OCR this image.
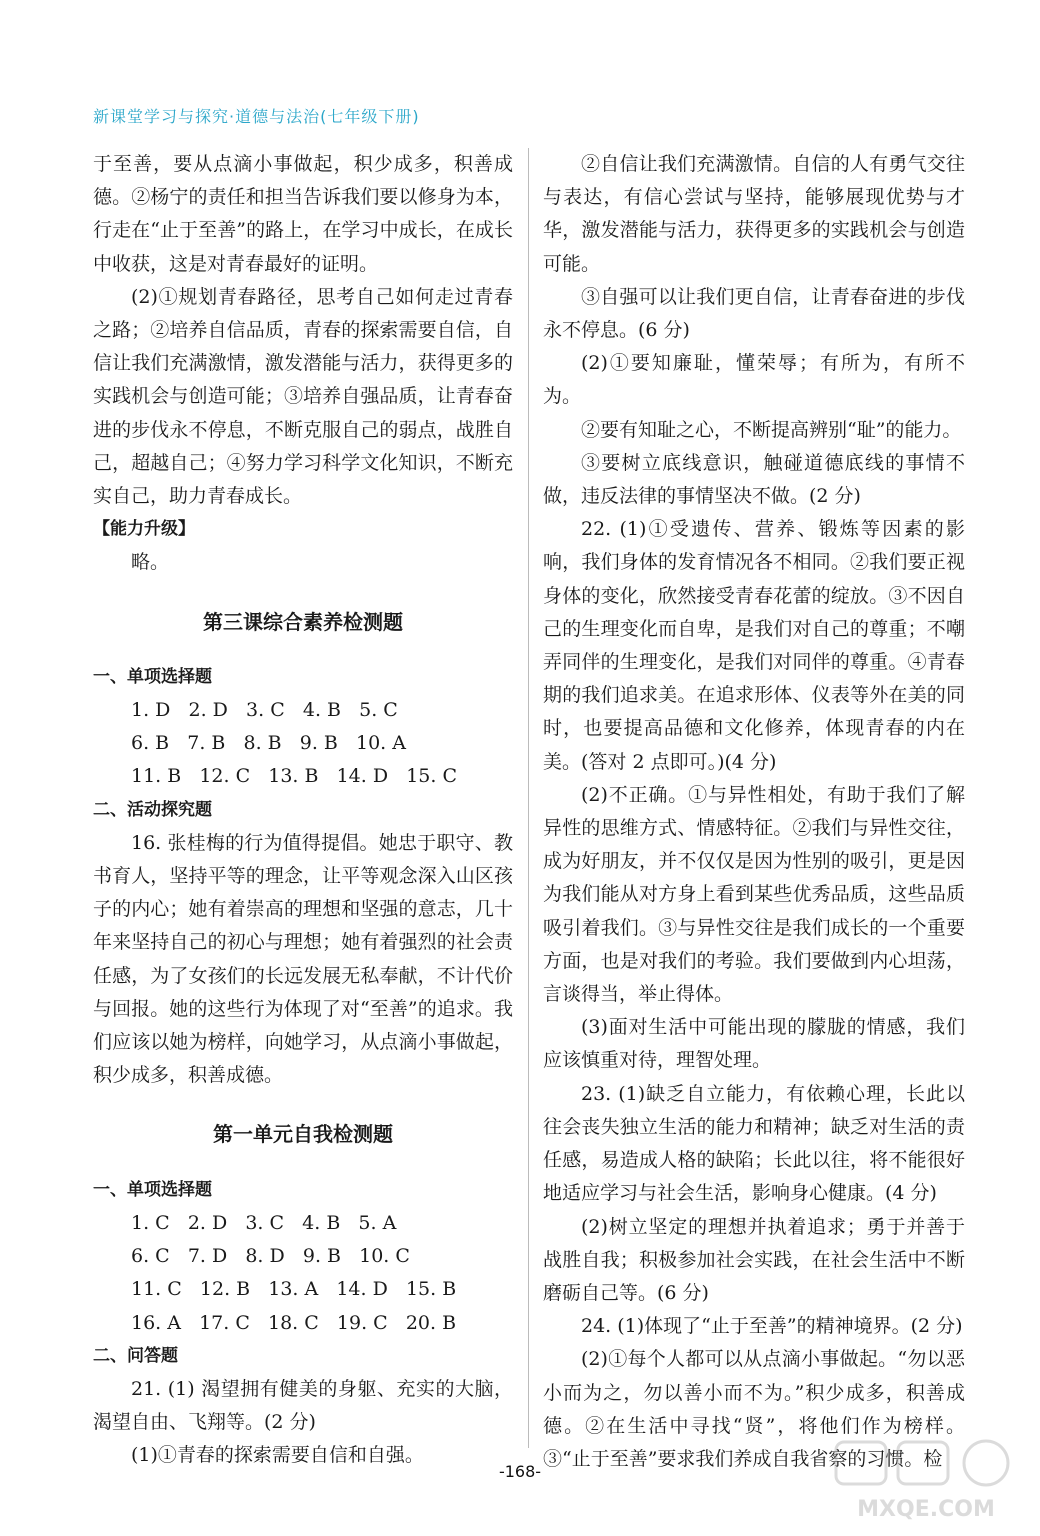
新课堂学习与探究·道德与法治(七年级下册)

于至善，要从点滴小事做起，积少成多，积善成德。②杨宁的责任和担当告诉我们要以修身为本，行走在“止于至善”的路上，在学习中成长，在成长中收获，这是对青春最好的证明。

(2)①规划青春路径，思考自己如何走过青春之路；②培养自信品质，青春的探索需要自信，自信让我们充满激情，激发潜能与活力，获得更多的实践机会与创造可能；③培养自强品质，让青春奋进的步伐永不停息，不断克服自己的弱点，战胜自己，超越自己；④努力学习科学文化知识，不断充实自己，助力青春成长。

【能力升级】

略。

第三课综合素养检测题

一、单项选择题

1. D   2. D   3. C   4. B   5. C
6. B   7. B   8. B   9. B   10. A
11. B   12. C   13. B   14. D   15. C

二、活动探究题

16. 张桂梅的行为值得提倡。她忠于职守、教书育人，坚持平等的理念，让平等观念深入山区孩子的内心；她有着崇高的理想和坚强的意志，几十年来坚持自己的初心与理想；她有着强烈的社会责任感，为了女孩们的长远发展无私奉献，不计代价与回报。她的这些行为体现了对“至善”的追求。我们应该以她为榜样，向她学习，从点滴小事做起，积少成多，积善成德。

第一单元自我检测题

一、单项选择题

1. C   2. D   3. C   4. B   5. A
6. C   7. D   8. D   9. B   10. C
11. C   12. B   13. A   14. D   15. B
16. A   17. C   18. C   19. C   20. B

二、问答题

21. (1) 渴望拥有健美的身躯、充实的大脑，渴望自由、飞翔等。(2 分)

(1)①青春的探索需要自信和自强。

②自信让我们充满激情。自信的人有勇气交往与表达，有信心尝试与坚持，能够展现优势与才华，激发潜能与活力，获得更多的实践机会与创造可能。

③自强可以让我们更自信，让青春奋进的步伐永不停息。(6 分)

(2)①要知廉耻，懂荣辱；有所为，有所不为。

②要有知耻之心，不断提高辨别“耻”的能力。

③要树立底线意识，触碰道德底线的事情不做，违反法律的事情坚决不做。(2 分)

22. (1)①受遗传、营养、锻炼等因素的影响，我们身体的发育情况各不相同。②我们要正视身体的变化，欣然接受青春花蕾的绽放。③不因自己的生理变化而自卑，是我们对自己的尊重；不嘲弄同伴的生理变化，是我们对同伴的尊重。④青春期的我们追求美。在追求形体、仪表等外在美的同时，也要提高品德和文化修养，体现青春的内在美。(答对 2 点即可。)(4 分)

(2)不正确。①与异性相处，有助于我们了解异性的思维方式、情感特征。②我们与异性交往，成为好朋友，并不仅仅是因为性别的吸引，更是因为我们能从对方身上看到某些优秀品质，这些品质吸引着我们。③与异性交往是我们成长的一个重要方面，也是对我们的考验。我们要做到内心坦荡，言谈得当，举止得体。

(3)面对生活中可能出现的朦胧的情感，我们应该慎重对待，理智处理。

23. (1)缺乏自立能力，有依赖心理，长此以往会丧失独立生活的能力和精神；缺乏对生活的责任感，易造成人格的缺陷；长此以往，将不能很好地适应学习与社会生活，影响身心健康。(4 分)

(2)树立坚定的理想并执着追求；勇于并善于战胜自我；积极参加社会实践，在社会生活中不断磨砺自己等。(6 分)

24. (1)体现了“止于至善”的精神境界。(2 分)

(2)①每个人都可以从点滴小事做起。“勿以恶小而为之，勿以善小而不为。”积少成多，积善成德。②在生活中寻找“贤”，将他们作为榜样。③“止于至善”要求我们养成自我省察的习惯。检

-168-
MXQE.COM
